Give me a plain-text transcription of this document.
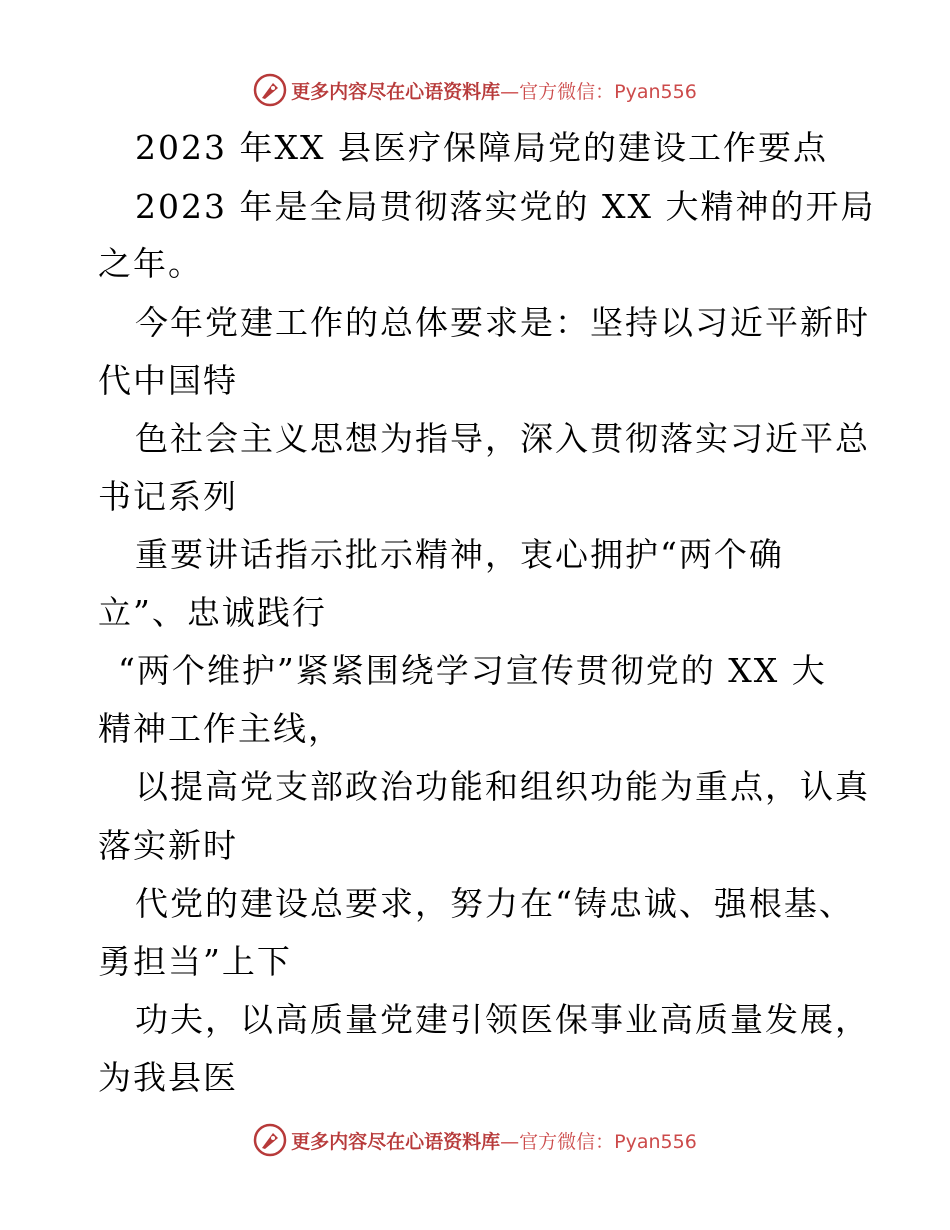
更多内容尽在心语资料库 —官方微信：Pyan556
2023 年XX 县医疗保障局党的建设工作要点
2023 年是全局贯彻落实党的 XX 大精神的开局
之年。
今年党建工作的总体要求是：坚持以习近平新时
代中国特
色社会主义思想为指导，深入贯彻落实习近平总
书记系列
重要讲话指示批示精神，衷心拥护“两个确
立”、忠诚践行
“两个维护”紧紧围绕学习宣传贯彻党的 XX 大
精神工作主线，
以提高党支部政治功能和组织功能为重点，认真
落实新时
代党的建设总要求，努力在“铸忠诚、强根基、
勇担当”上下
功夫，以高质量党建引领医保事业高质量发展，
为我县医
更多内容尽在心语资料库 —官方微信：Pyan556
